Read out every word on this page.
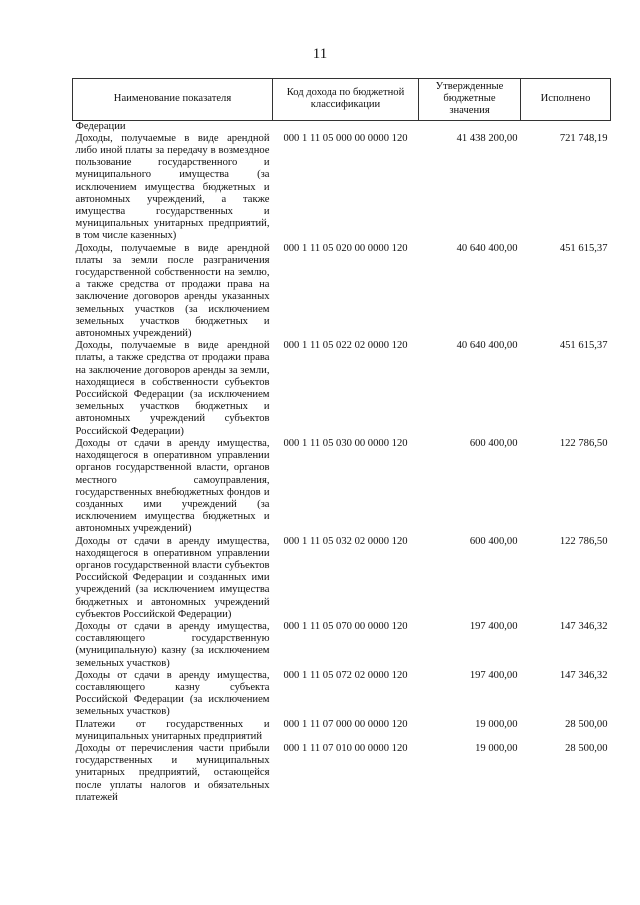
11
Наименование показателя	Код дохода по бюджетной классификации	Утвержденные бюджетные значения	Исполнено
Федерации			
Доходы, получаемые в виде арендной либо иной платы за передачу в возмездное пользование государственного и муниципального имущества (за исключением имущества бюджетных и автономных учреждений, а также имущества государственных и муниципальных унитарных предприятий, в том числе казенных)	000 1 11 05 000 00 0000 120	41 438 200,00	721 748,19
Доходы, получаемые в виде арендной платы за земли после разграничения государственной собственности на землю, а также средства от продажи права на заключение договоров аренды указанных земельных участков (за исключением земельных участков бюджетных и автономных учреждений)	000 1 11 05 020 00 0000 120	40 640 400,00	451 615,37
Доходы, получаемые в виде арендной платы, а также средства от продажи права на заключение договоров аренды за земли, находящиеся в собственности субъектов Российской Федерации (за исключением земельных участков бюджетных и автономных учреждений субъектов Российской Федерации)	000 1 11 05 022 02 0000 120	40 640 400,00	451 615,37
Доходы от сдачи в аренду имущества, находящегося в оперативном управлении органов государственной власти, органов местного самоуправления, государственных внебюджетных фондов и созданных ими учреждений (за исключением имущества бюджетных и автономных учреждений)	000 1 11 05 030 00 0000 120	600 400,00	122 786,50
Доходы от сдачи в аренду имущества, находящегося в оперативном управлении органов государственной власти субъектов Российской Федерации и созданных ими учреждений (за исключением имущества бюджетных и автономных учреждений субъектов Российской Федерации)	000 1 11 05 032 02 0000 120	600 400,00	122 786,50
Доходы от сдачи в аренду имущества, составляющего государственную (муниципальную) казну (за исключением земельных участков)	000 1 11 05 070 00 0000 120	197 400,00	147 346,32
Доходы от сдачи в аренду имущества, составляющего казну субъекта Российской Федерации (за исключением земельных участков)	000 1 11 05 072 02 0000 120	197 400,00	147 346,32
Платежи от государственных и муниципальных унитарных предприятий	000 1 11 07 000 00 0000 120	19 000,00	28 500,00
Доходы от перечисления части прибыли государственных и муниципальных унитарных предприятий, остающейся после уплаты налогов и обязательных платежей	000 1 11 07 010 00 0000 120	19 000,00	28 500,00
